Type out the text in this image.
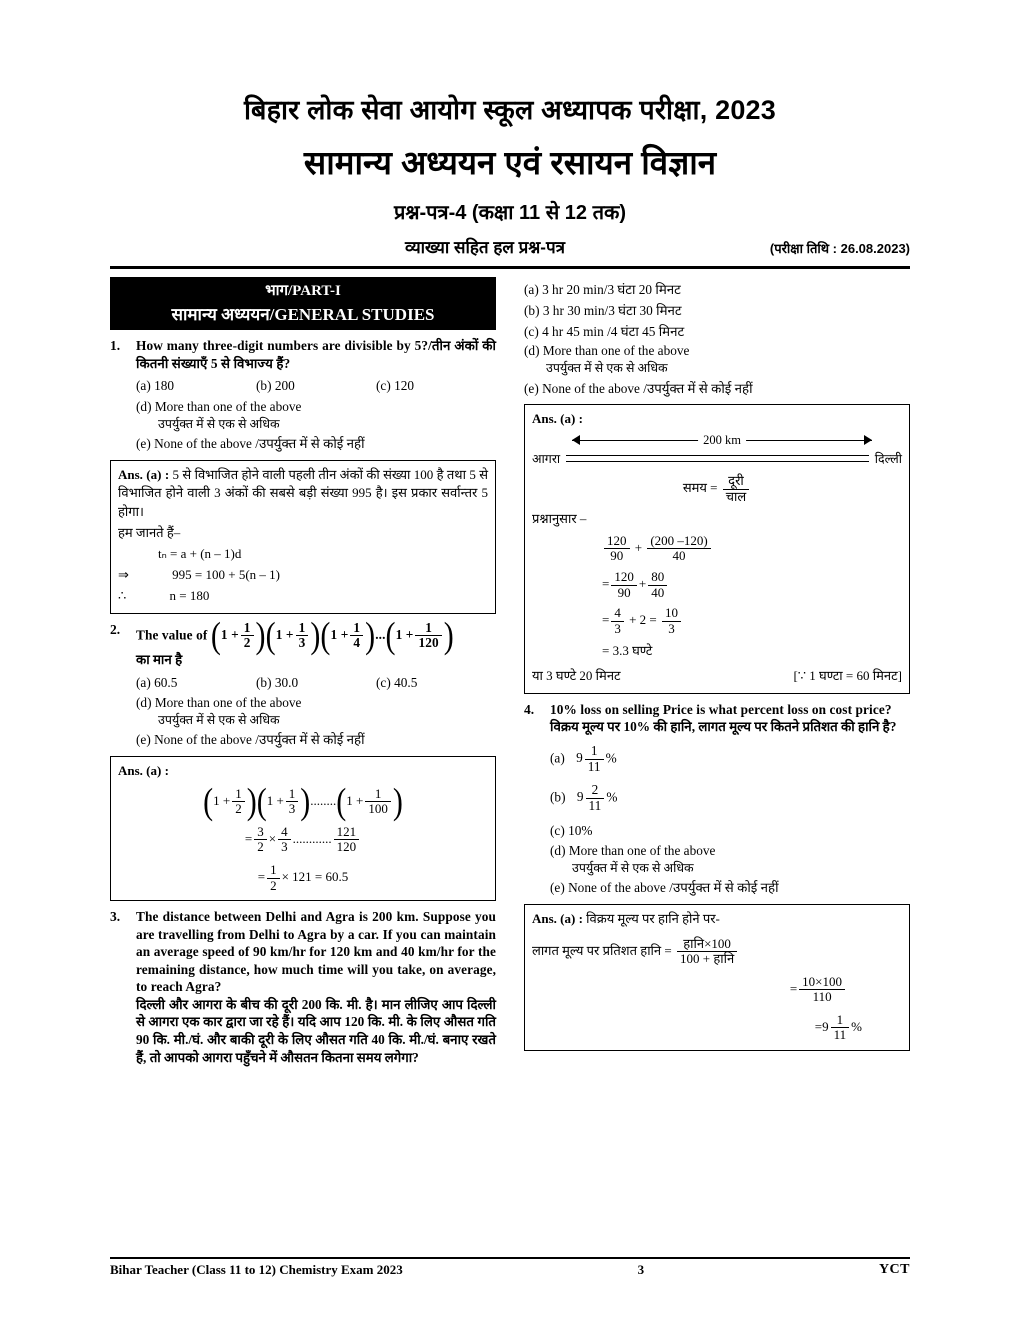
बिहार लोक सेवा आयोग स्कूल अध्यापक परीक्षा, 2023
सामान्य अध्ययन एवं रसायन विज्ञान
प्रश्न-पत्र-4 (कक्षा 11 से 12 तक)
व्याख्या सहित हल प्रश्न-पत्र	(परीक्षा तिथि : 26.08.2023)
भाग/PART-I
सामान्य अध्ययन/GENERAL STUDIES
1.	How many three-digit numbers are divisible by 5?/तीन अंकों की कितनी संख्याएँ 5 से विभाज्य हैं?
(a) 180	(b) 200	(c) 120
(d) More than one of the above
उपर्युक्त में से एक से अधिक
(e) None of the above /उपर्युक्त में से कोई नहीं
Ans. (a) : 5 से विभाजित होने वाली पहली तीन अंकों की संख्या 100 है तथा 5 से विभाजित होने वाली 3 अंकों की सबसे बड़ी संख्या 995 है। इस प्रकार सर्वान्तर 5 होगा।
हम जानते हैं–
tₙ = a + (n – 1)d
⇒	995 = 100 + 5(n – 1)
∴	n = 180
2.	The value of $(1 + \frac{1}{2} )(1 + \frac{1}{3} )(1 + \frac{1}{4} )...(1 + \frac{1}{120}$ )
का मान है
(a) 60.5	(b) 30.0	(c) 40.5
(d) More than one of the above
उपर्युक्त में से एक से अधिक
(e) None of the above /उपर्युक्त में से कोई नहीं
Ans. (a) :
$(1 + \frac{1}{2} )(1 + \frac{1}{3} )........(1 + \frac{1}{100}$ )
= $\frac{3}{2} \times \frac{4}{3}$ ............ $\frac{121}{120}$
= $\frac{1}{2} \times 121 = 60.5$
3.	The distance between Delhi and Agra is 200 km. Suppose you are travelling from Delhi to Agra by a car. If you can maintain an average speed of 90 km/hr for 120 km and 40 km/hr for the remaining distance, how much time will you take, on average, to reach Agra?
दिल्ली और आगरा के बीच की दूरी 200 कि. मी. है। मान लीजिए आप दिल्ली से आगरा एक कार द्वारा जा रहे हैं। यदि आप 120 कि. मी. के लिए औसत गति 90 कि. मी./घं. और बाकी दूरी के लिए औसत गति 40 कि. मी./घं. बनाए रखते हैं, तो आपको आगरा पहुँचने में औसतन कितना समय लगेगा?
(a) 3 hr 20 min/3 घंटा 20 मिनट
(b) 3 hr 30 min/3 घंटा 30 मिनट
(c) 4 hr 45 min /4 घंटा 45 मिनट
(d) More than one of the above
उपर्युक्त में से एक से अधिक
(e) None of the above /उपर्युक्त में से कोई नहीं
Ans. (a) :
200 km
आगरा	दिल्ली
समय = $\frac{\text{दूरी}}{\text{चाल}}$
प्रश्नानुसार –
$\frac{120}{90} + \frac{(200 -120)}{40}$
= $\frac{120}{90} + \frac{80}{40}$
= $\frac{4}{3} + 2 = \frac{10}{3}$
= 3.3 घण्टे
या 3 घण्टे 20 मिनट	[∵ 1 घण्टा = 60 मिनट]
4.	10% loss on selling Price is what percent loss on cost price?
विक्रय मूल्य पर 10% की हानि, लागत मूल्य पर कितने प्रतिशत की हानि है?
(a) $9 \frac{1}{11}$ %
(b) $9 \frac{2}{11}$ %
(c) 10%
(d) More than one of the above
उपर्युक्त में से एक से अधिक
(e) None of the above /उपर्युक्त में से कोई नहीं
Ans. (a) : विक्रय मूल्य पर हानि होने पर-
लागत मूल्य पर प्रतिशत हानि = $\frac{\text{हानि×100}}{\text{100 + हानि}}$
= $\frac{10\times 100}{110}$
$=9 \frac{1}{11}$ %
Bihar Teacher (Class 11 to 12) Chemistry Exam 2023	3	YCT
